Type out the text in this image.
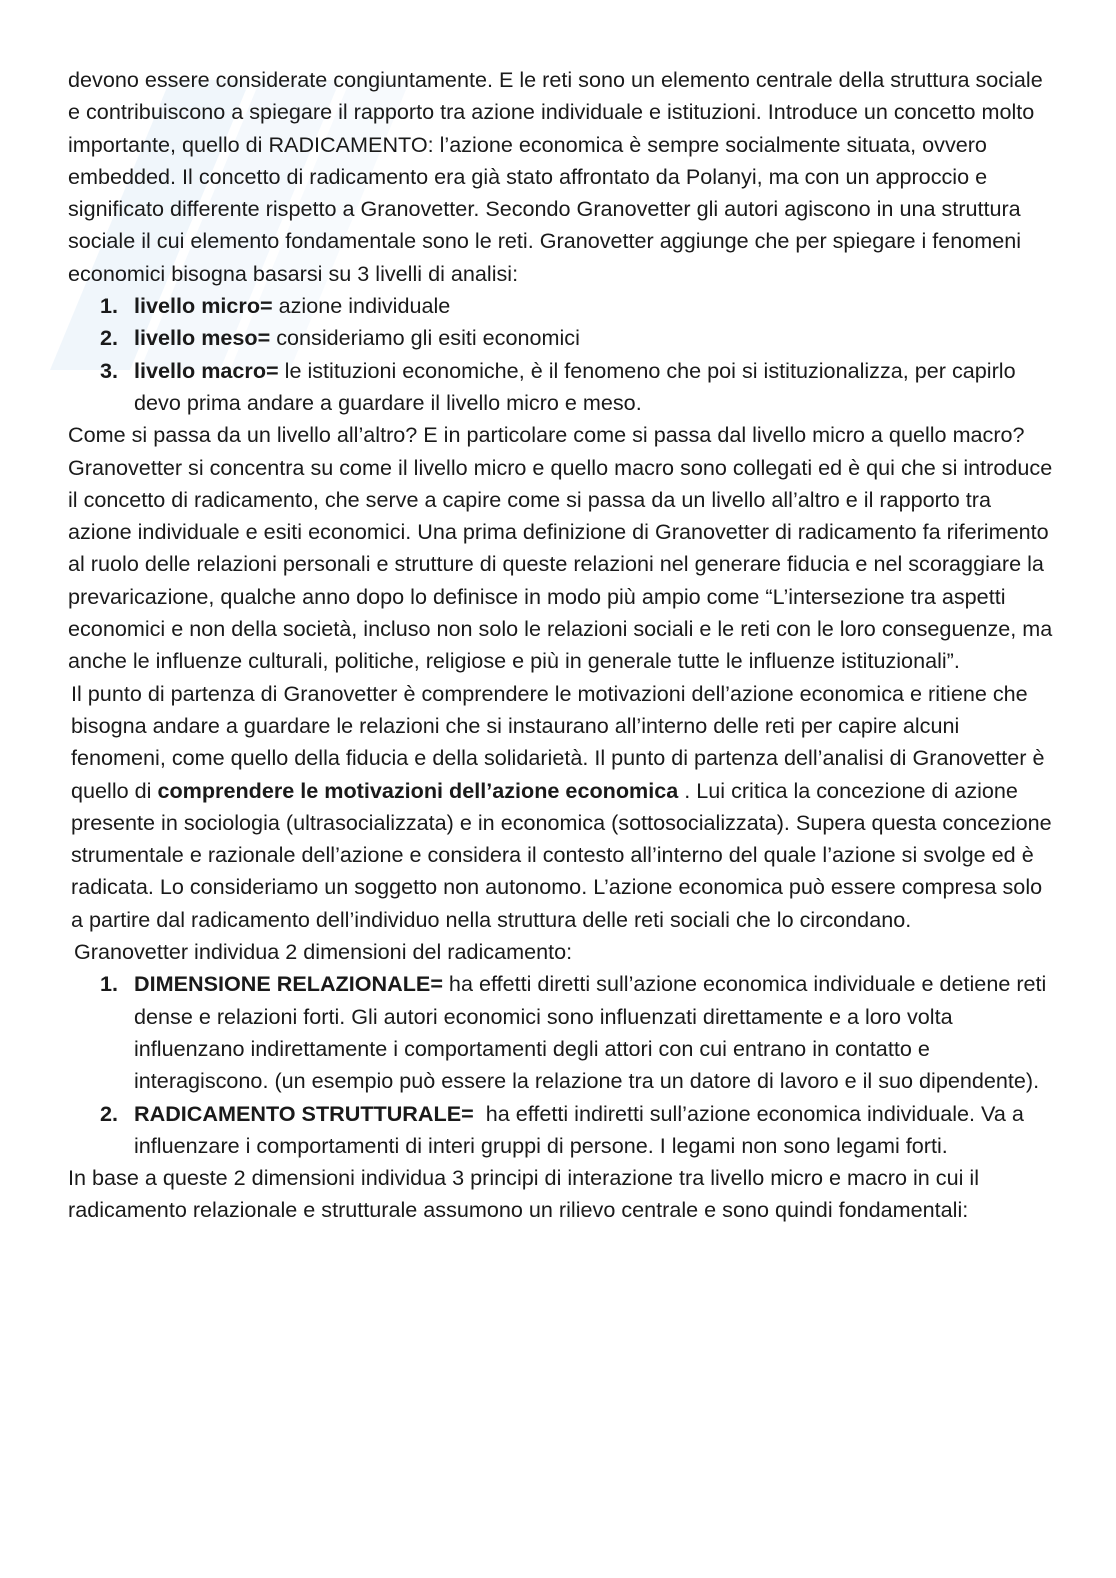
devono essere considerate congiuntamente. E le reti sono un elemento centrale della struttura sociale e contribuiscono a spiegare il rapporto tra azione individuale e istituzioni. Introduce un concetto molto importante, quello di RADICAMENTO: l’azione economica è sempre socialmente situata, ovvero embedded. Il concetto di radicamento era già stato affrontato da Polanyi, ma con un approccio e significato differente rispetto a Granovetter. Secondo Granovetter gli autori agiscono in una struttura sociale il cui elemento fondamentale sono le reti. Granovetter aggiunge che per spiegare i fenomeni economici bisogna basarsi su 3 livelli di analisi:

1. livello micro= azione individuale
2. livello meso= consideriamo gli esiti economici
3. livello macro= le istituzioni economiche, è il fenomeno che poi si istituzionalizza, per capirlo devo prima andare a guardare il livello micro e meso.

Come si passa da un livello all’altro? E in particolare come si passa dal livello micro a quello macro?

Granovetter si concentra su come il livello micro e quello macro sono collegati ed è qui che si introduce il concetto di radicamento, che serve a capire come si passa da un livello all’altro e il rapporto tra azione individuale e esiti economici. Una prima definizione di Granovetter di radicamento fa riferimento al ruolo delle relazioni personali e strutture di queste relazioni nel generare fiducia e nel scoraggiare la prevaricazione, qualche anno dopo lo definisce in modo più ampio come “L’intersezione tra aspetti economici e non della società, incluso non solo le relazioni sociali e le reti con le loro conseguenze, ma anche le influenze culturali, politiche, religiose e più in generale tutte le influenze istituzionali”.

Il punto di partenza di Granovetter è comprendere le motivazioni dell’azione economica e ritiene che bisogna andare a guardare le relazioni che si instaurano all’interno delle reti per capire alcuni fenomeni, come quello della fiducia e della solidarietà. Il punto di partenza dell’analisi di Granovetter è quello di comprendere le motivazioni dell’azione economica . Lui critica la concezione di azione presente in sociologia (ultrasocializzata) e in economica (sottosocializzata). Supera questa concezione strumentale e razionale dell’azione e considera il contesto all’interno del quale l’azione si svolge ed è radicata. Lo consideriamo un soggetto non autonomo. L’azione economica può essere compresa solo a partire dal radicamento dell’individuo nella struttura delle reti sociali che lo circondano.

Granovetter individua 2 dimensioni del radicamento:

1. DIMENSIONE RELAZIONALE= ha effetti diretti sull’azione economica individuale e detiene reti dense e relazioni forti. Gli autori economici sono influenzati direttamente e a loro volta influenzano indirettamente i comportamenti degli attori con cui entrano in contatto e interagiscono. (un esempio può essere la relazione tra un datore di lavoro e il suo dipendente).
2. RADICAMENTO STRUTTURALE=  ha effetti indiretti sull’azione economica individuale. Va a influenzare i comportamenti di interi gruppi di persone. I legami non sono legami forti.

In base a queste 2 dimensioni individua 3 principi di interazione tra livello micro e macro in cui il radicamento relazionale e strutturale assumono un rilievo centrale e sono quindi fondamentali:
